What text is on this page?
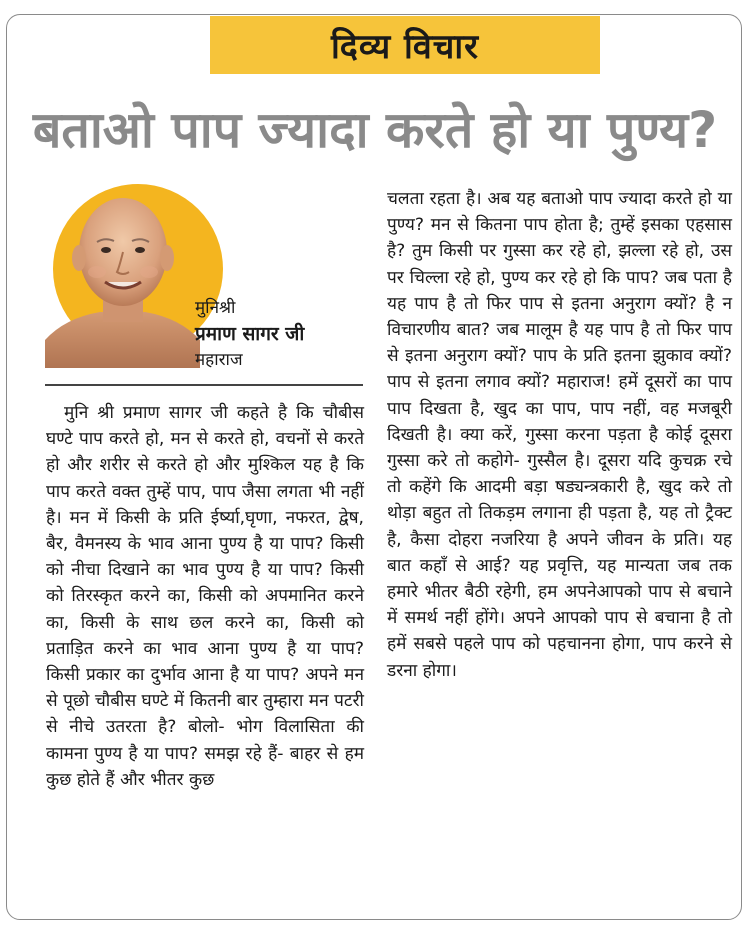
दिव्य विचार
बताओ पाप ज्यादा करते हो या पुण्य?
मुनिश्री
प्रमाण सागर जी
महाराज

मुनि श्री प्रमाण सागर जी कहते है कि चौबीस घण्टे पाप करते हो, मन से करते हो, वचनों से करते हो और शरीर से करते हो और मुश्किल यह है कि पाप करते वक्त तुम्हें पाप, पाप जैसा लगता भी नहीं है। मन में किसी के प्रति ईर्ष्या,घृणा, नफरत, द्वेष, बैर, वैमनस्य के भाव आना पुण्य है या पाप? किसी को नीचा दिखाने का भाव पुण्य है या पाप? किसी को तिरस्कृत करने का, किसी को अपमानित करने का, किसी के साथ छल करने का, किसी को प्रताड़ित करने का भाव आना पुण्य है या पाप? किसी प्रकार का दुर्भाव आना है या पाप? अपने मन से पूछो चौबीस घण्टे में कितनी बार तुम्हारा मन पटरी से नीचे उतरता है? बोलो- भोग विलासिता की कामना पुण्य है या पाप? समझ रहे हैं- बाहर से हम कुछ होते हैं और भीतर कुछ

चलता रहता है। अब यह बताओ पाप ज्यादा करते हो या पुण्य? मन से कितना पाप होता है; तुम्हें इसका एहसास है? तुम किसी पर गुस्सा कर रहे हो, झल्ला रहे हो, उस पर चिल्ला रहे हो, पुण्य कर रहे हो कि पाप? जब पता है यह पाप है तो फिर पाप से इतना अनुराग क्यों? है न विचारणीय बात? जब मालूम है यह पाप है तो फिर पाप से इतना अनुराग क्यों? पाप के प्रति इतना झुकाव क्यों? पाप से इतना लगाव क्यों? महाराज! हमें दूसरों का पाप पाप दिखता है, खुद का पाप, पाप नहीं, वह मजबूरी दिखती है। क्या करें, गुस्सा करना पड़ता है कोई दूसरा गुस्सा करे तो कहोगे- गुस्सैल है। दूसरा यदि कुचक्र रचे तो कहेंगे कि आदमी बड़ा षड्यन्त्रकारी है, खुद करे तो थोड़ा बहुत तो तिकड़म लगाना ही पड़ता है, यह तो ट्रैक्ट है, कैसा दोहरा नजरिया है अपने जीवन के प्रति। यह बात कहाँ से आई? यह प्रवृत्ति, यह मान्यता जब तक हमारे भीतर बैठी रहेगी, हम अपनेआपको पाप से बचाने में समर्थ नहीं होंगे। अपने आपको पाप से बचाना है तो हमें सबसे पहले पाप को पहचानना होगा, पाप करने से डरना होगा।
